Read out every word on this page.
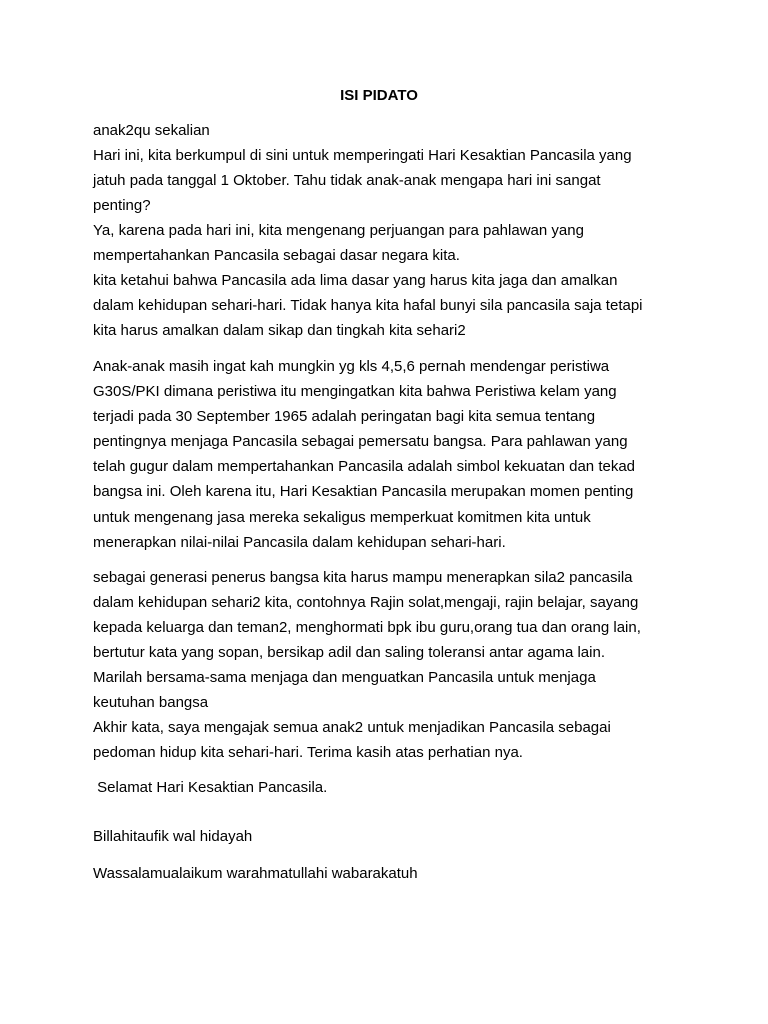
ISI PIDATO
anak2qu sekalian
Hari ini, kita berkumpul di sini untuk memperingati Hari Kesaktian Pancasila yang
jatuh pada tanggal 1 Oktober. Tahu tidak anak-anak mengapa hari ini sangat
penting?
Ya, karena pada hari ini, kita mengenang perjuangan para pahlawan yang
mempertahankan Pancasila sebagai dasar negara kita.
kita ketahui bahwa Pancasila ada lima dasar yang harus kita jaga dan amalkan
dalam kehidupan sehari-hari. Tidak hanya kita hafal bunyi sila pancasila saja tetapi
kita harus amalkan dalam sikap dan tingkah kita sehari2
Anak-anak masih ingat kah mungkin yg kls 4,5,6 pernah mendengar peristiwa
G30S/PKI dimana peristiwa itu mengingatkan kita bahwa Peristiwa kelam yang
terjadi pada 30 September 1965 adalah peringatan bagi kita semua tentang
pentingnya menjaga Pancasila sebagai pemersatu bangsa. Para pahlawan yang
telah gugur dalam mempertahankan Pancasila adalah simbol kekuatan dan tekad
bangsa ini. Oleh karena itu, Hari Kesaktian Pancasila merupakan momen penting
untuk mengenang jasa mereka sekaligus memperkuat komitmen kita untuk
menerapkan nilai-nilai Pancasila dalam kehidupan sehari-hari.
sebagai generasi penerus bangsa kita harus mampu menerapkan sila2 pancasila
dalam kehidupan sehari2 kita, contohnya Rajin solat,mengaji, rajin belajar, sayang
kepada keluarga dan teman2, menghormati bpk ibu guru,orang tua dan orang lain,
bertutur kata yang sopan, bersikap adil dan saling toleransi antar agama lain.
Marilah bersama-sama menjaga dan menguatkan Pancasila untuk menjaga
keutuhan bangsa
Akhir kata, saya mengajak semua anak2 untuk menjadikan Pancasila sebagai
pedoman hidup kita sehari-hari. Terima kasih atas perhatian nya.
Selamat Hari Kesaktian Pancasila.
Billahitaufik wal hidayah
Wassalamualaikum warahmatullahi wabarakatuh
